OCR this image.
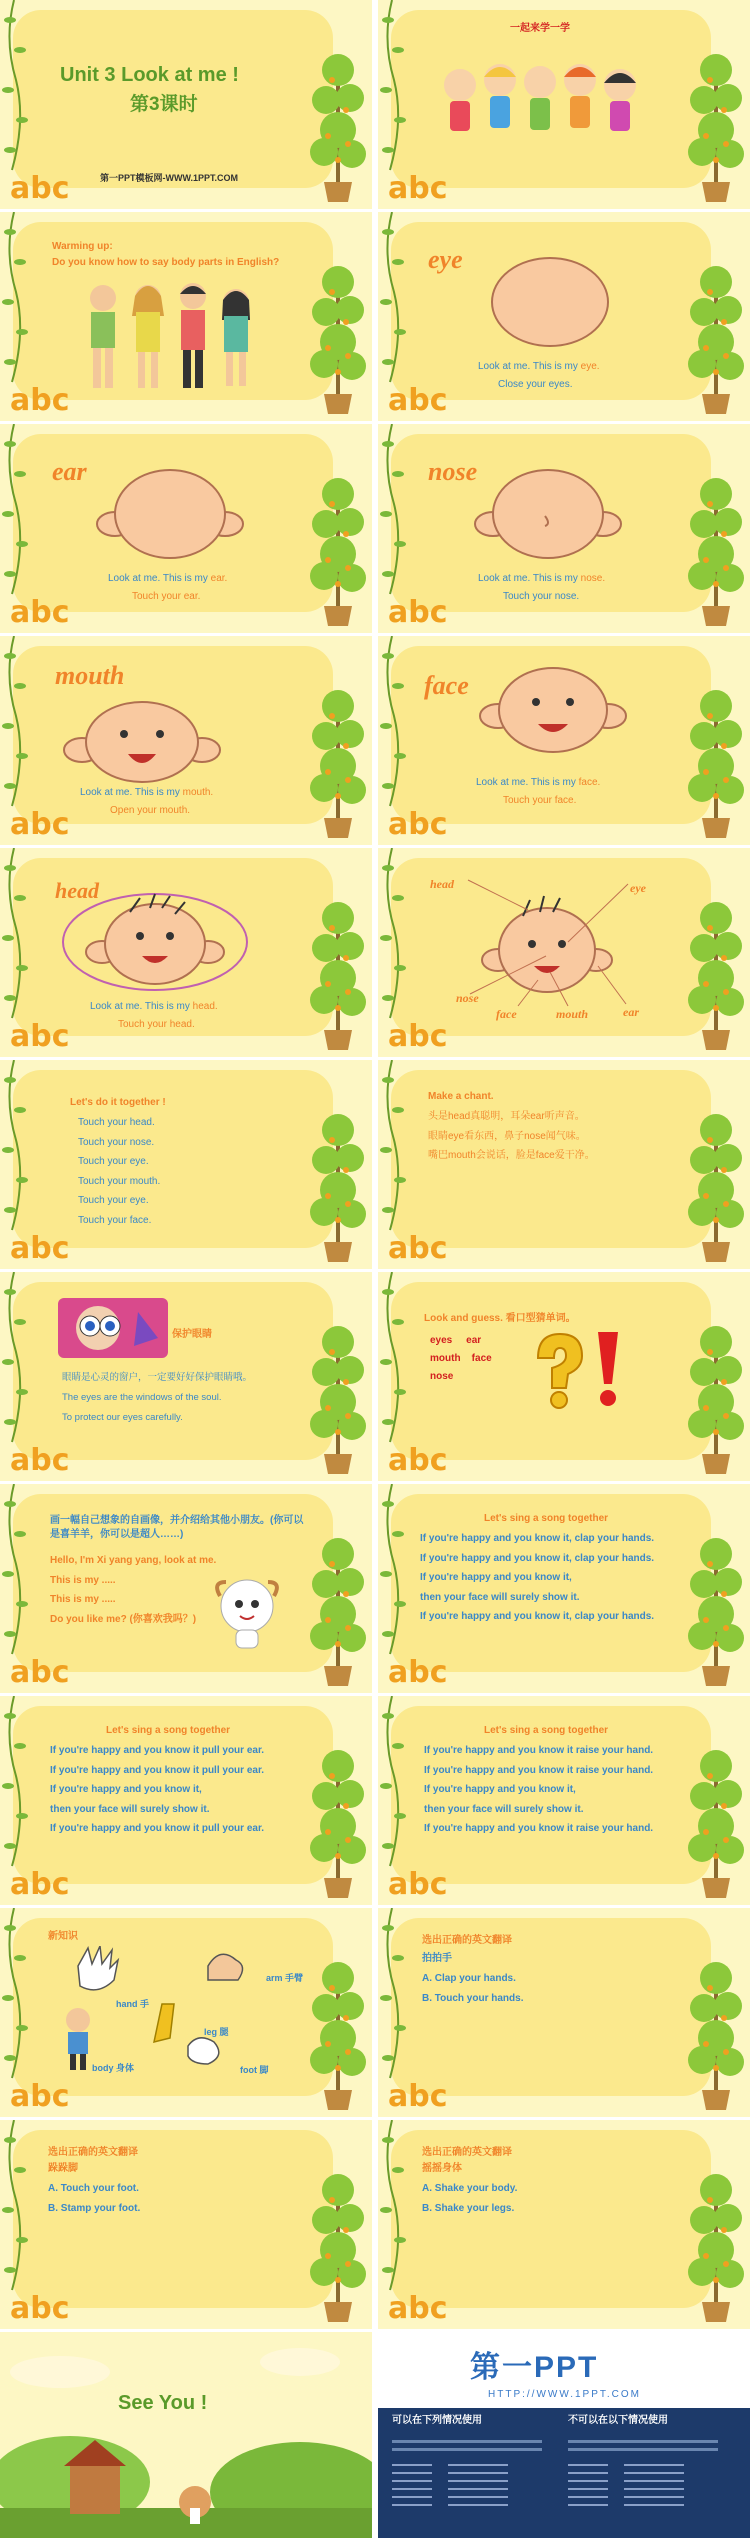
Unit 3 Look at me !

第3课时

第一PPT模板网-WWW.1PPT.COM

abc

一起来学一学

abc

Warming up:

Do you know how to say body parts in English?

abc

eye

Look at me. This is my eye.

Close your eyes.

abc

ear

Look at me. This is my ear.

Touch your ear.

abc

nose

Look at me. This is my nose.

Touch your nose.

abc

mouth

Look at me. This is my mouth.

Open your mouth.

abc

face

Look at me. This is my face.

Touch your face.

abc

head

Look at me. This is my head.

Touch your head.

abc

head	eye

nose

face	mouth	ear

abc

Let's do it together !

Touch your head.

Touch your nose.

Touch your eye.

Touch your mouth.

Touch your eye.

Touch your face.

abc

Make a chant.

头是head真聪明，耳朵ear听声音。

眼睛eye看东西，鼻子nose闻气味。

嘴巴mouth会说话，脸是face爱干净。

abc

保护眼睛

眼睛是心灵的窗户，一定要好好保护眼睛哦。

The eyes are the windows of the soul.

To protect our eyes carefully.

abc

Look and guess. 看口型猜单词。

eyes ear

mouth face

nose

abc

画一幅自己想象的自画像，并介绍给其他小朋友。(你可以是喜羊羊，你可以是超人……)

Hello, I'm Xi yang yang, look at me.

This is my .....

This is my .....

Do you like me? (你喜欢我吗？)

abc

Let's sing a song together

If you're happy and you know it, clap your hands.

If you're happy and you know it, clap your hands.

If you're happy and you know it,

then your face will surely show it.

If you're happy and you know it, clap your hands.

abc

Let's sing a song together

If you're happy and you know it pull your ear.

If you're happy and you know it pull your ear.

If you're happy and you know it,

then your face will surely show it.

If you're happy and you know it pull your ear.

abc

Let's sing a song together

If you're happy and you know it raise your hand.

If you're happy and you know it raise your hand.

If you're happy and you know it,

then your face will surely show it.

If you're happy and you know it raise your hand.

abc

新知识

hand 手

arm 手臂

leg 腿

body 身体	foot 脚

abc

选出正确的英文翻译

拍拍手

A. Clap your hands.

B. Touch your hands.

abc

选出正确的英文翻译

跺跺脚

A. Touch your foot.

B. Stamp your foot.

abc

选出正确的英文翻译

摇摇身体

A. Shake your body.

B. Shake your legs.

abc

See You !

第一PPT

HTTP://WWW.1PPT.COM

可以在下列情况使用	不可以在以下情况使用
